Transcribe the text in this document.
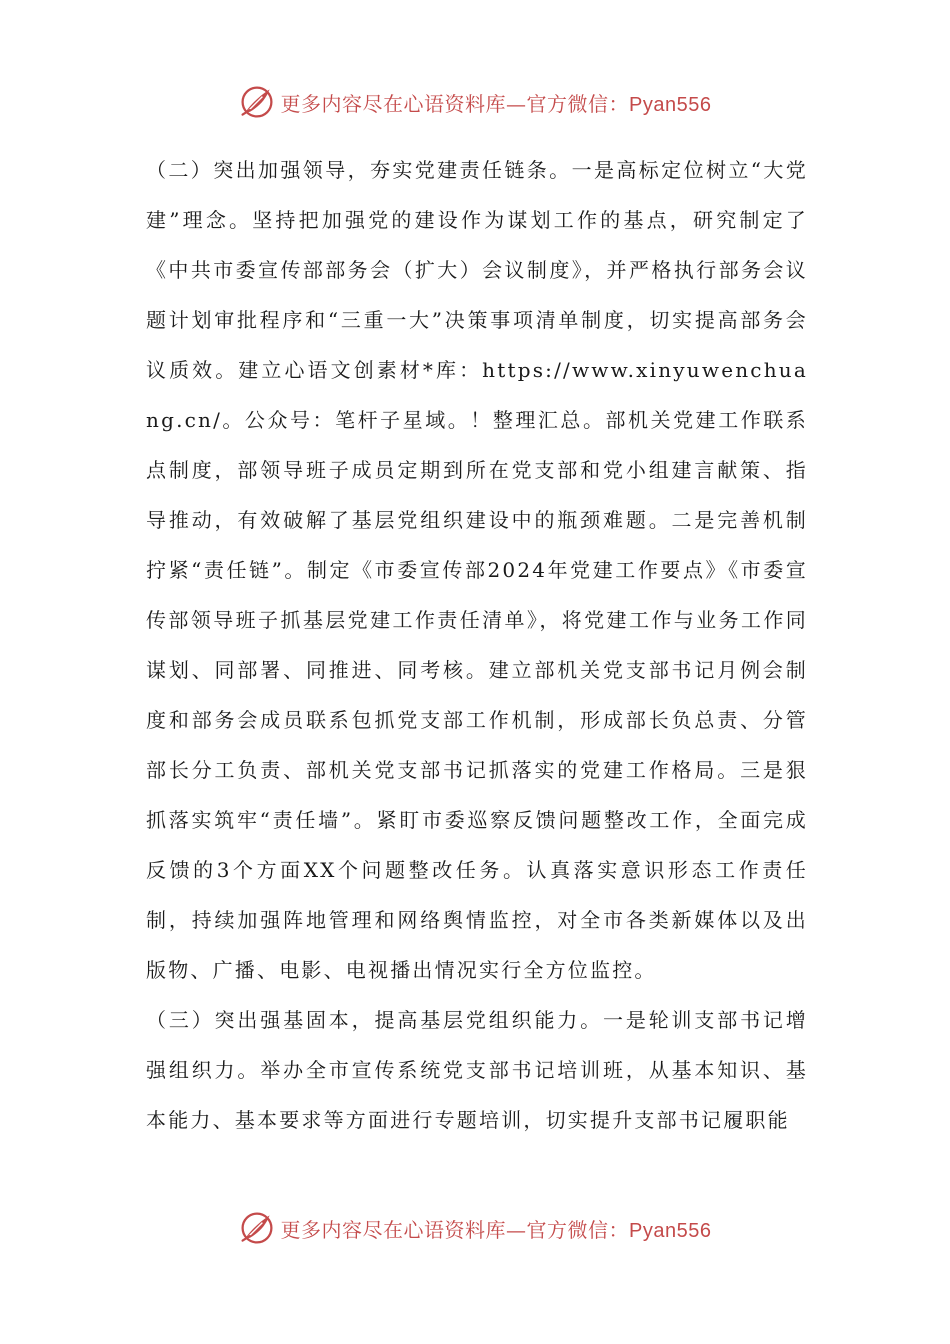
更多内容尽在心语资料库—官方微信：Pyan556

（二）突出加强领导，夯实党建责任链条。一是高标定位树立“大党建”理念。坚持把加强党的建设作为谋划工作的基点，研究制定了《中共市委宣传部部务会（扩大）会议制度》，并严格执行部务会议题计划审批程序和“三重一大”决策事项清单制度，切实提高部务会议质效。建立心语文创素材*库：https://www.xinyuwenchuang.cn/。公众号：笔杆子星域。！整理汇总。部机关党建工作联系点制度，部领导班子成员定期到所在党支部和党小组建言献策、指导推动，有效破解了基层党组织建设中的瓶颈难题。二是完善机制拧紧“责任链”。制定《市委宣传部2024年党建工作要点》《市委宣传部领导班子抓基层党建工作责任清单》，将党建工作与业务工作同谋划、同部署、同推进、同考核。建立部机关党支部书记月例会制度和部务会成员联系包抓党支部工作机制，形成部长负总责、分管部长分工负责、部机关党支部书记抓落实的党建工作格局。三是狠抓落实筑牢“责任墙”。紧盯市委巡察反馈问题整改工作，全面完成反馈的3个方面XX个问题整改任务。认真落实意识形态工作责任制，持续加强阵地管理和网络舆情监控，对全市各类新媒体以及出版物、广播、电影、电视播出情况实行全方位监控。

（三）突出强基固本，提高基层党组织能力。一是轮训支部书记增强组织力。举办全市宣传系统党支部书记培训班，从基本知识、基本能力、基本要求等方面进行专题培训，切实提升支部书记履职能

更多内容尽在心语资料库—官方微信：Pyan556
